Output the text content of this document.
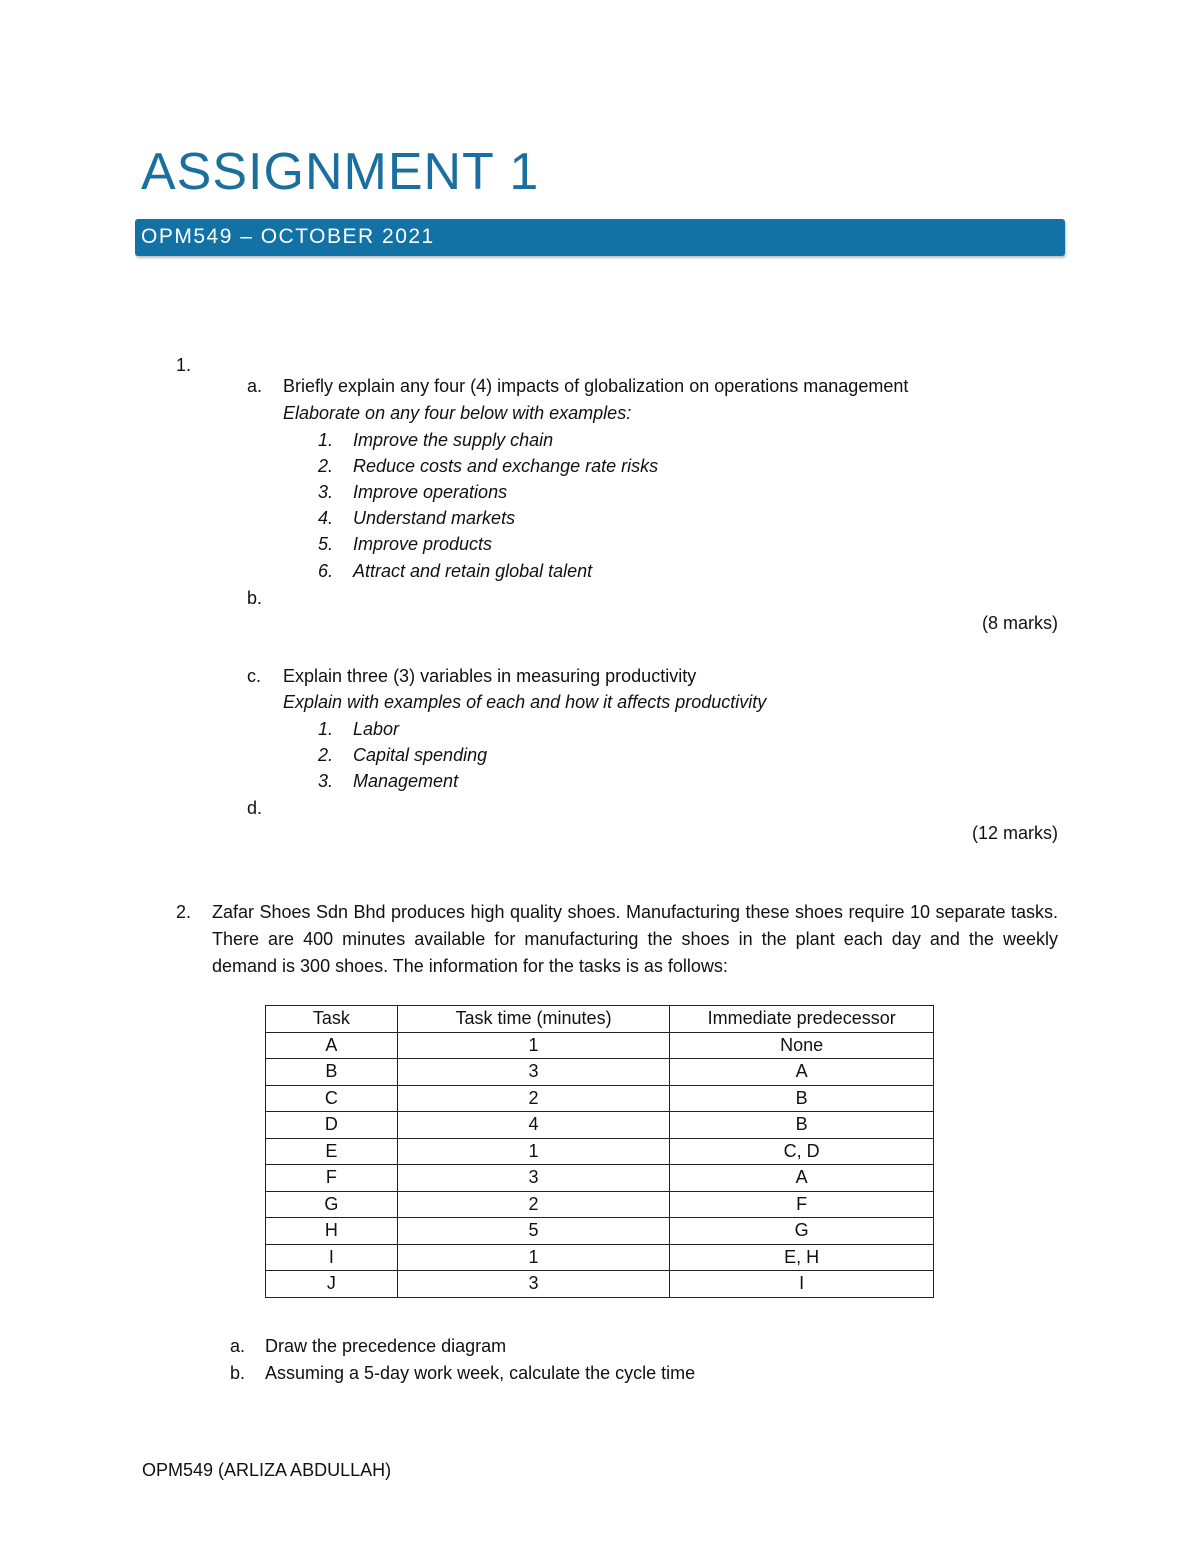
ASSIGNMENT 1
OPM549 – OCTOBER 2021
1.
a. Briefly explain any four (4) impacts of globalization on operations management
Elaborate on any four below with examples:
1. Improve the supply chain
2. Reduce costs and exchange rate risks
3. Improve operations
4. Understand markets
5. Improve products
6. Attract and retain global talent
b.
(8 marks)
c. Explain three (3) variables in measuring productivity
Explain with examples of each and how it affects productivity
1. Labor
2. Capital spending
3. Management
d.
(12 marks)
2. Zafar Shoes Sdn Bhd produces high quality shoes. Manufacturing these shoes require 10 separate tasks. There are 400 minutes available for manufacturing the shoes in the plant each day and the weekly demand is 300 shoes. The information for the tasks is as follows:
Task	Task time (minutes)	Immediate predecessor
A	1	None
B	3	A
C	2	B
D	4	B
E	1	C, D
F	3	A
G	2	F
H	5	G
I	1	E, H
J	3	I
a. Draw the precedence diagram
b. Assuming a 5-day work week, calculate the cycle time
OPM549 (ARLIZA ABDULLAH)
